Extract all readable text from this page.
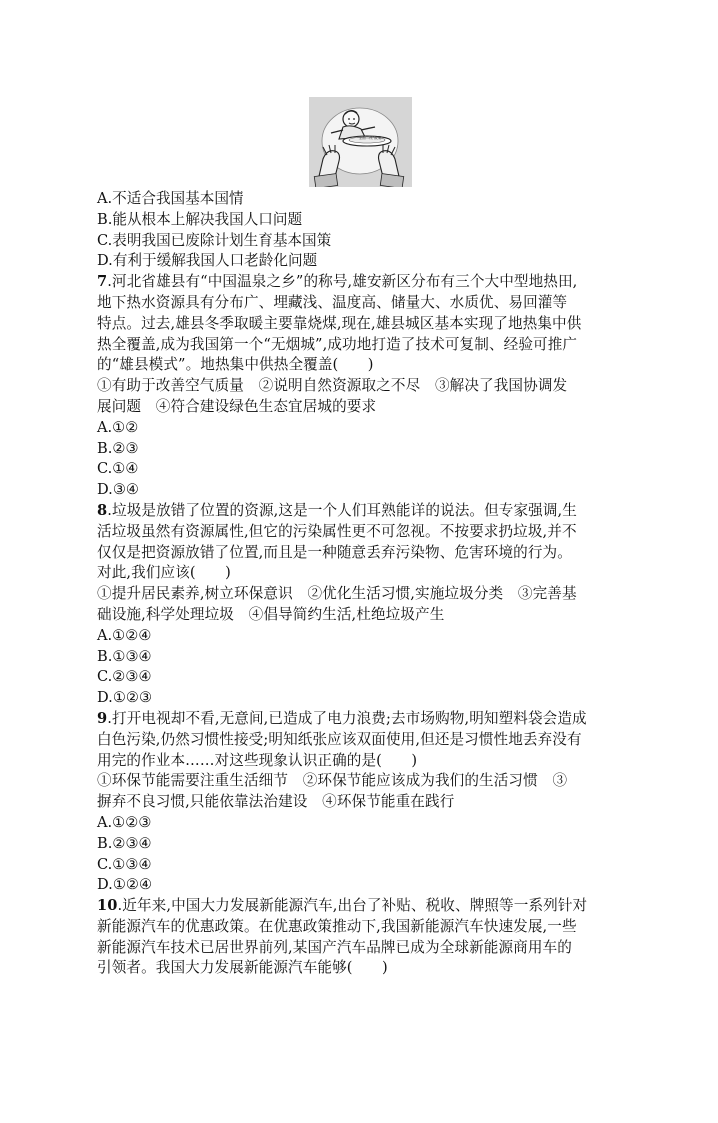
"全面二孩"政策
A.不适合我国基本国情
B.能从根本上解决我国人口问题
C.表明我国已废除计划生育基本国策
D.有利于缓解我国人口老龄化问题
7.河北省雄县有“中国温泉之乡”的称号,雄安新区分布有三个大中型地热田,
地下热水资源具有分布广、埋藏浅、温度高、储量大、水质优、易回灌等
特点。过去,雄县冬季取暖主要靠烧煤,现在,雄县城区基本实现了地热集中供
热全覆盖,成为我国第一个“无烟城”,成功地打造了技术可复制、经验可推广
的“雄县模式”。地热集中供热全覆盖(　　)
①有助于改善空气质量　②说明自然资源取之不尽　③解决了我国协调发
展问题　④符合建设绿色生态宜居城的要求
A.①②
B.②③
C.①④
D.③④
8.垃圾是放错了位置的资源,这是一个人们耳熟能详的说法。但专家强调,生
活垃圾虽然有资源属性,但它的污染属性更不可忽视。不按要求扔垃圾,并不
仅仅是把资源放错了位置,而且是一种随意丢弃污染物、危害环境的行为。
对此,我们应该(　　)
①提升居民素养,树立环保意识　②优化生活习惯,实施垃圾分类　③完善基
础设施,科学处理垃圾　④倡导简约生活,杜绝垃圾产生
A.①②④
B.①③④
C.②③④
D.①②③
9.打开电视却不看,无意间,已造成了电力浪费;去市场购物,明知塑料袋会造成
白色污染,仍然习惯性接受;明知纸张应该双面使用,但还是习惯性地丢弃没有
用完的作业本……对这些现象认识正确的是(　　)
①环保节能需要注重生活细节　②环保节能应该成为我们的生活习惯　③
摒弃不良习惯,只能依靠法治建设　④环保节能重在践行
A.①②③
B.②③④
C.①③④
D.①②④
10.近年来,中国大力发展新能源汽车,出台了补贴、税收、牌照等一系列针对
新能源汽车的优惠政策。在优惠政策推动下,我国新能源汽车快速发展,一些
新能源汽车技术已居世界前列,某国产汽车品牌已成为全球新能源商用车的
引领者。我国大力发展新能源汽车能够(　　)
